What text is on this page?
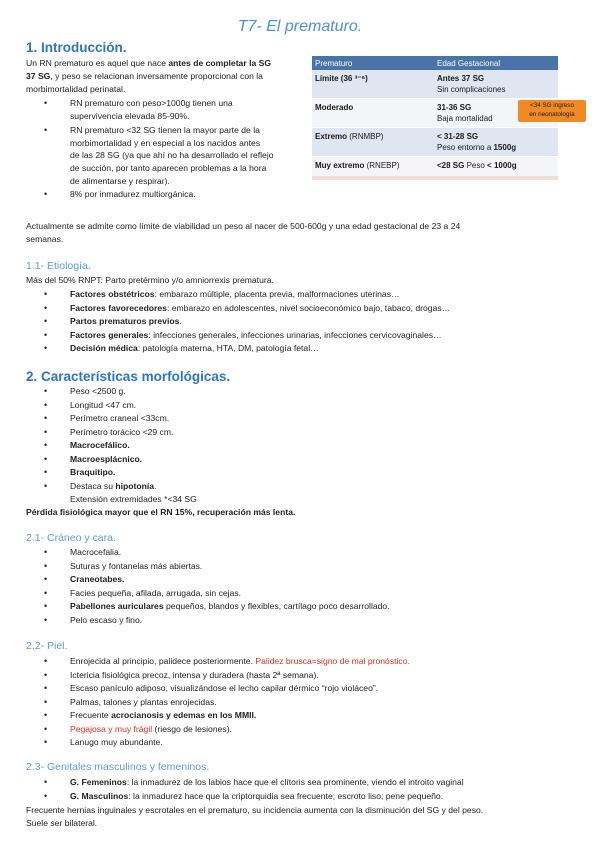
T7- El prematuro.
1. Introducción.
Un RN prematuro es aquel que nace antes de completar la SG
37 SG, y peso se relacionan inversamente proporcional con la
morbimortalidad perinatal.
• RN prematuro con peso>1000g tienen una
supervivencia elevada 85-90%.
• RN prematuro <32 SG tienen la mayor parte de la
morbimortalidad y en especial a los nacidos antes
de las 28 SG (ya que ahí no ha desarrollado el reflejo
de succión, por tanto aparecen problemas a la hora
de alimentarse y respirar).
• 8% por inmadurez multiorgánica.
Actualmente se admite como límite de viabilidad un peso al nacer de 500-600g y una edad gestacional de 23 a 24
semanas.
Prematuro	Edad Gestacional
Límite (36 ³⁻⁶)	Antes 37 SG
Sin complicaciones

Moderado	31-36 SG
Baja mortalidad

Extremo (RNMBP)	< 31-28 SG
Peso entorno a 1500g

Muy extremo (RNEBP)	<28 SG Peso < 1000g
<34 SG ingreso
en neonatología
1.1- Etiología.
Más del 50% RNPT: Parto pretérmino y/o amniorrexis prematura.
• Factores obstétricos: embarazo múltiple, placenta previa, malformaciones uterinas…
• Factores favorecedores: embarazo en adolescentes, nivel socioeconómico bajo, tabaco, drogas…
• Partos prematuros previos.
• Factores generales: infecciones generales, infecciones urinarias, infecciones cervicovaginales…
• Decisión médica: patología materna, HTA, DM, patología fetal…
2. Características morfológicas.
• Peso <2500 g.
• Longitud <47 cm.
• Perímetro craneal <33cm.
• Perímetro torácico <29 cm.
• Macrocefálico.
• Macroesplácnico.
• Braquitipo.
• Destaca su hipotonía.
• Extensión extremidades *<34 SG
Pérdida fisiológica mayor que el RN 15%, recuperación más lenta.
2.1- Cráneo y cara.
• Macrocefalia.
• Suturas y fontanelas más abiertas.
• Craneotabes.
• Facies pequeña, afilada, arrugada, sin cejas.
• Pabellones auriculares pequeños, blandos y flexibles, cartílago poco desarrollado.
• Pelo escaso y fino.
2.2- Piel.
• Enrojecida al principio, palidece posteriormente. Palidez brusca=signo de mal pronóstico.
• Ictericia fisiológica precoz, intensa y duradera (hasta 2ª semana).
• Escaso panículo adiposo, visualizándose el lecho capilar dérmico “rojo violáceo”.
• Palmas, talones y plantas enrojecidas.
• Frecuente acrocianosis y edemas en los MMII.
• Pegajosa y muy frágil (riesgo de lesiones).
• Lanugo muy abundante.
2.3- Genitales masculinos y femeninos.
• G. Femeninos: la inmadurez de los labios hace que el clítoris sea prominente, viendo el introito vaginal
• G. Masculinos: la inmadurez hace que la criptorquidia sea frecuente; escroto liso; pene pequeño.
Frecuente hernias inguinales y escrotales en el prematuro, su incidencia aumenta con la disminución del SG y del peso.
Suele ser bilateral.
